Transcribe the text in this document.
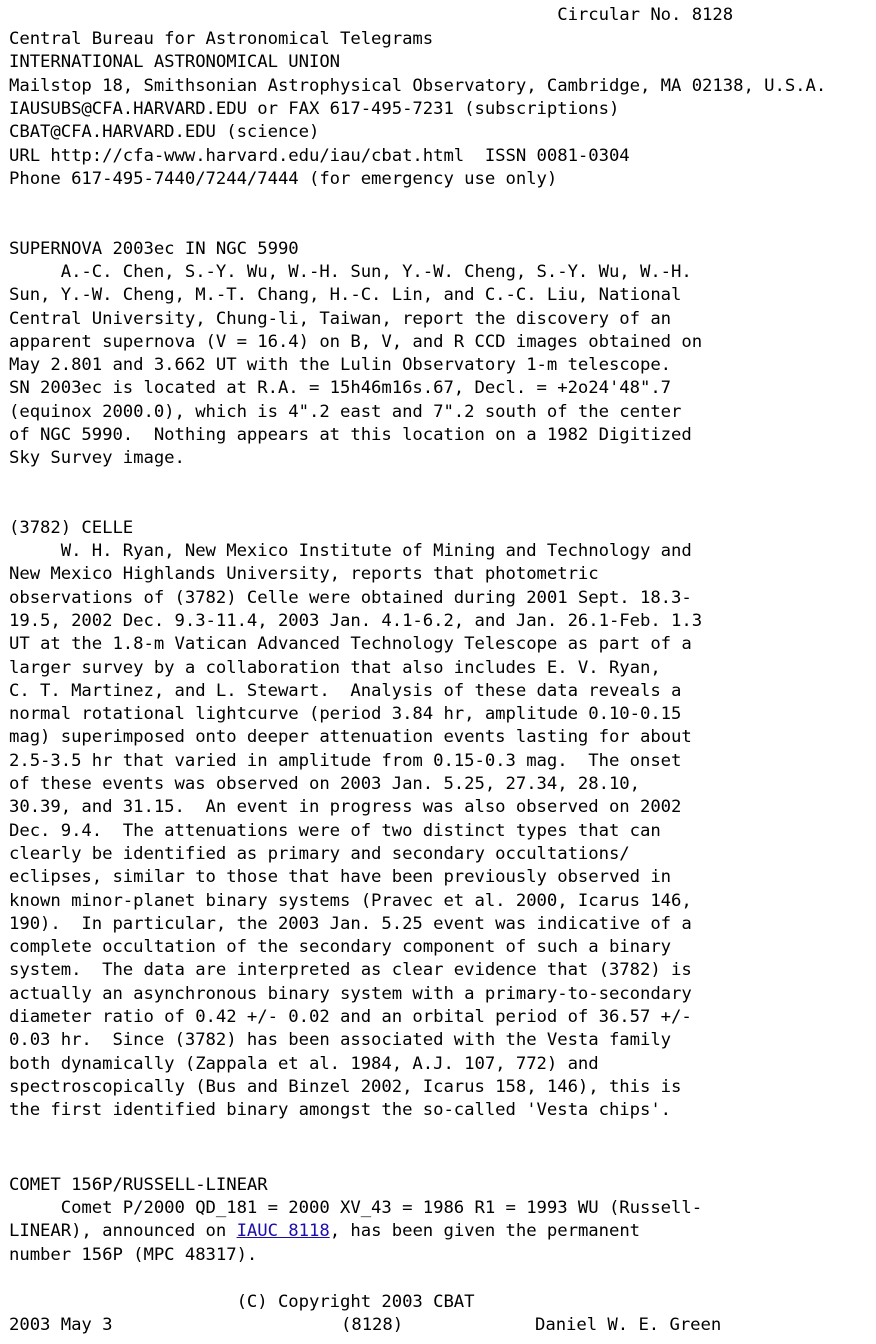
Circular No. 8128
Central Bureau for Astronomical Telegrams
INTERNATIONAL ASTRONOMICAL UNION
Mailstop 18, Smithsonian Astrophysical Observatory, Cambridge, MA 02138, U.S.A.
IAUSUBS@CFA.HARVARD.EDU or FAX 617-495-7231 (subscriptions)
CBAT@CFA.HARVARD.EDU (science)
URL http://cfa-www.harvard.edu/iau/cbat.html  ISSN 0081-0304
Phone 617-495-7440/7244/7444 (for emergency use only)
SUPERNOVA 2003ec IN NGC 5990
A.-C. Chen, S.-Y. Wu, W.-H. Sun, Y.-W. Cheng, S.-Y. Wu, W.-H.
Sun, Y.-W. Cheng, M.-T. Chang, H.-C. Lin, and C.-C. Liu, National
Central University, Chung-li, Taiwan, report the discovery of an
apparent supernova (V = 16.4) on B, V, and R CCD images obtained on
May 2.801 and 3.662 UT with the Lulin Observatory 1-m telescope.
SN 2003ec is located at R.A. = 15h46m16s.67, Decl. = +2o24'48".7
(equinox 2000.0), which is 4".2 east and 7".2 south of the center
of NGC 5990.  Nothing appears at this location on a 1982 Digitized
Sky Survey image.
(3782) CELLE
W. H. Ryan, New Mexico Institute of Mining and Technology and
New Mexico Highlands University, reports that photometric
observations of (3782) Celle were obtained during 2001 Sept. 18.3-
19.5, 2002 Dec. 9.3-11.4, 2003 Jan. 4.1-6.2, and Jan. 26.1-Feb. 1.3
UT at the 1.8-m Vatican Advanced Technology Telescope as part of a
larger survey by a collaboration that also includes E. V. Ryan,
C. T. Martinez, and L. Stewart.  Analysis of these data reveals a
normal rotational lightcurve (period 3.84 hr, amplitude 0.10-0.15
mag) superimposed onto deeper attenuation events lasting for about
2.5-3.5 hr that varied in amplitude from 0.15-0.3 mag.  The onset
of these events was observed on 2003 Jan. 5.25, 27.34, 28.10,
30.39, and 31.15.  An event in progress was also observed on 2002
Dec. 9.4.  The attenuations were of two distinct types that can
clearly be identified as primary and secondary occultations/
eclipses, similar to those that have been previously observed in
known minor-planet binary systems (Pravec et al. 2000, Icarus 146,
190).  In particular, the 2003 Jan. 5.25 event was indicative of a
complete occultation of the secondary component of such a binary
system.  The data are interpreted as clear evidence that (3782) is
actually an asynchronous binary system with a primary-to-secondary
diameter ratio of 0.42 +/- 0.02 and an orbital period of 36.57 +/-
0.03 hr.  Since (3782) has been associated with the Vesta family
both dynamically (Zappala et al. 1984, A.J. 107, 772) and
spectroscopically (Bus and Binzel 2002, Icarus 158, 146), this is
the first identified binary amongst the so-called 'Vesta chips'.
COMET 156P/RUSSELL-LINEAR
Comet P/2000 QD_181 = 2000 XV_43 = 1986 R1 = 1993 WU (Russell-
LINEAR), announced on IAUC 8118, has been given the permanent
number 156P (MPC 48317).
(C) Copyright 2003 CBAT
2003 May 3	(8128)	Daniel W. E. Green
